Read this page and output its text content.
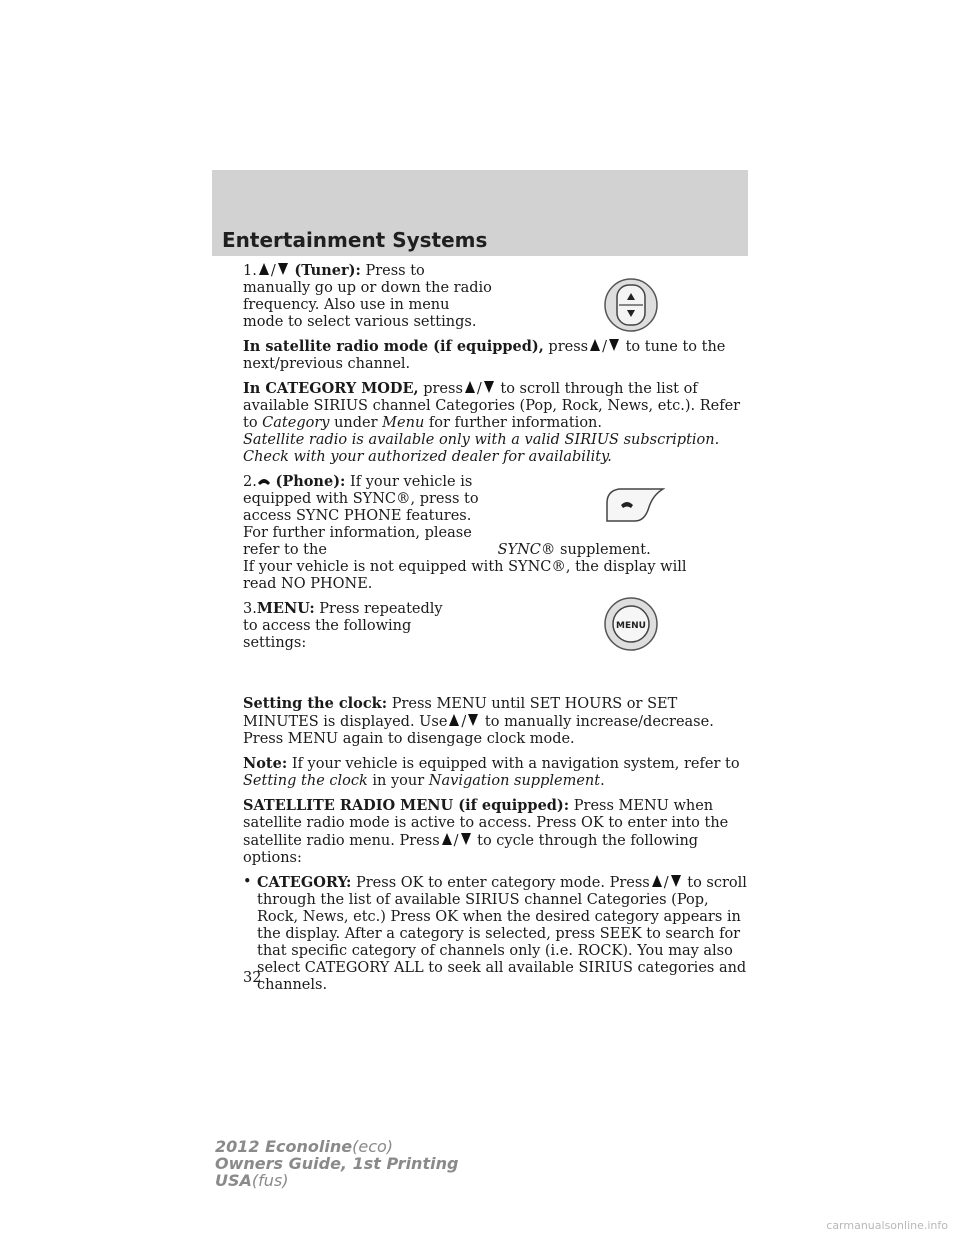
Entertainment Systems
MENU

1. / (Tuner): Press to manually go up or down the radio frequency. Also use in menu mode to select various settings.

In satellite radio mode (if equipped), press / to tune to the next/previous channel.

In CATEGORY MODE, press / to scroll through the list of available SIRIUS channel Categories (Pop, Rock, News, etc.). Refer to Category under Menu for further information.

Satellite radio is available only with a valid SIRIUS subscription. Check with your authorized dealer for availability.

2. (Phone): If your vehicle is equipped with SYNC®, press to access SYNC PHONE features. For further information, please refer to the	SYNC® supplement.

If your vehicle is not equipped with SYNC®, the display will read NO PHONE.

3.MENU: Press repeatedly to access the following settings:

Setting the clock: Press MENU until SET HOURS or SET MINUTES is displayed. Use / to manually increase/decrease. Press MENU again to disengage clock mode.

Note: If your vehicle is equipped with a navigation system, refer to Setting the clock in your Navigation supplement.

SATELLITE RADIO MENU (if equipped): Press MENU when satellite radio mode is active to access. Press OK to enter into the satellite radio menu. Press / to cycle through the following options:

• CATEGORY: Press OK to enter category mode. Press / to scroll through the list of available SIRIUS channel Categories (Pop, Rock, News, etc.) Press OK when the desired category appears in the display. After a category is selected, press SEEK to search for that specific category of channels only (i.e. ROCK). You may also select CATEGORY ALL to seek all available SIRIUS categories and channels.
32
2012 Econoline(eco)
Owners Guide, 1st Printing
USA(fus)
carmanualsonline.info
